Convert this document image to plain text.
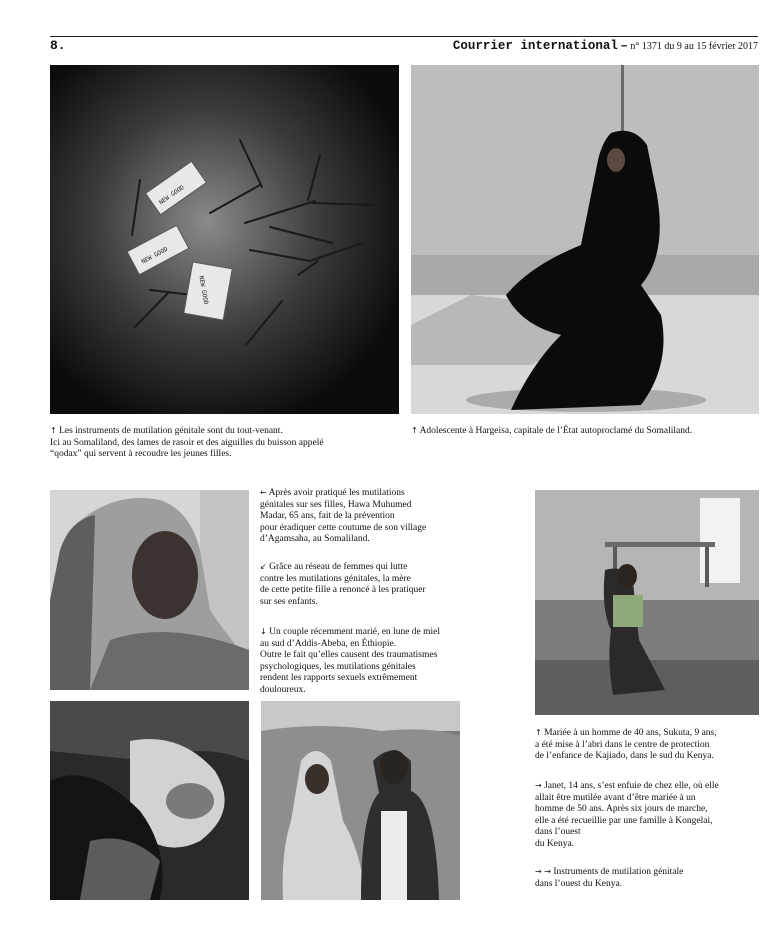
8.	Courrier international – n° 1371 du 9 au 15 février 2017
NEW GOOD
NEW GOOD
NEW GOOD

↑ Les instruments de mutilation génitale sont du tout-venant.

Ici au Somaliland, des lames de rasoir et des aiguilles du buisson appelé

“qodax” qui servent à recoudre les jeunes filles.

↑ Adolescente à Hargeisa, capitale de l’État autoproclamé du Somaliland.

← Après avoir pratiqué les mutilations

génitales sur ses filles, Hawa Muhumed

Madar, 65 ans, fait de la prévention

pour éradiquer cette coutume de son village

d’Agamsaha, au Somaliland.

↙ Grâce au réseau de femmes qui lutte

contre les mutilations génitales, la mère

de cette petite fille a renoncé à les pratiquer

sur ses enfants.

↓ Un couple récemment marié, en lune de miel

au sud d’Addis-Abeba, en Éthiopie.

Outre le fait qu’elles causent des traumatismes

psychologiques, les mutilations génitales

rendent les rapports sexuels extrêmement

douloureux.

↑ Mariée à un homme de 40 ans, Sukuta, 9 ans,

a été mise à l’abri dans le centre de protection

de l’enfance de Kajiado, dans le sud du Kenya.

→ Janet, 14 ans, s’est enfuie de chez elle, où elle

allait être mutilée avant d’être mariée à un

homme de 50 ans. Après six jours de marche,

elle a été recueillie par une famille à Kongelai,

dans l’ouest

du Kenya.

→ → Instruments de mutilation génitale

dans l’ouest du Kenya.
